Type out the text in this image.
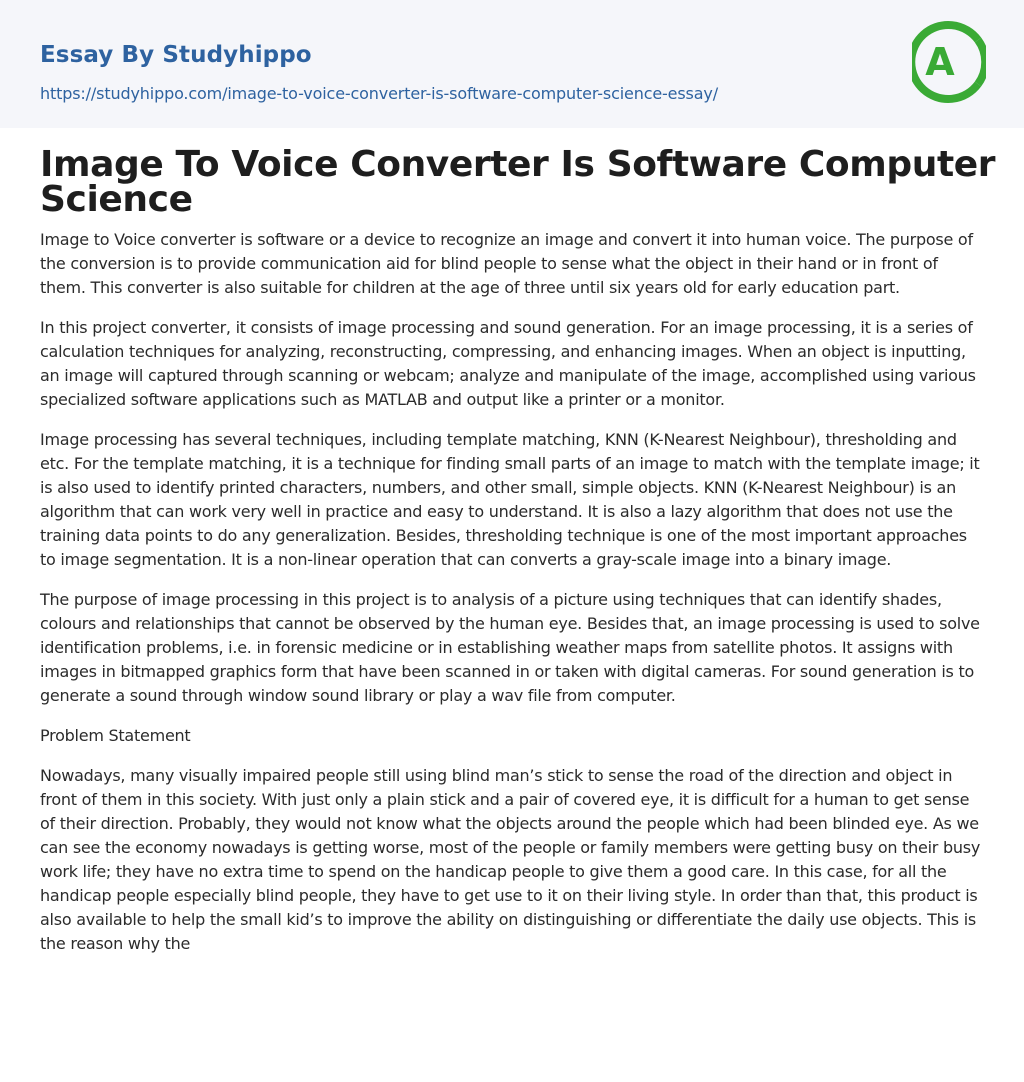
Essay By Studyhippo
https://studyhippo.com/image-to-voice-converter-is-software-computer-science-essay/
A
Image To Voice Converter Is Software Computer Science

Image to Voice converter is software or a device to recognize an image and convert it into human voice. The purpose of the conversion is to provide communication aid for blind people to sense what the object in their hand or in front of them. This converter is also suitable for children at the age of three until six years old for early education part.

In this project converter, it consists of image processing and sound generation. For an image processing, it is a series of calculation techniques for analyzing, reconstructing, compressing, and enhancing images. When an object is inputting, an image will captured through scanning or webcam; analyze and manipulate of the image, accomplished using various specialized software applications such as MATLAB and output like a printer or a monitor.

Image processing has several techniques, including template matching, KNN (K-Nearest Neighbour), thresholding and etc. For the template matching, it is a technique for finding small parts of an image to match with the template image; it is also used to identify printed characters, numbers, and other small, simple objects. KNN (K-Nearest Neighbour) is an algorithm that can work very well in practice and easy to understand. It is also a lazy algorithm that does not use the training data points to do any generalization. Besides, thresholding technique is one of the most important approaches to image segmentation. It is a non-linear operation that can converts a gray-scale image into a binary image.

The purpose of image processing in this project is to analysis of a picture using techniques that can identify shades, colours and relationships that cannot be observed by the human eye. Besides that, an image processing is used to solve identification problems, i.e. in forensic medicine or in establishing weather maps from satellite photos. It assigns with images in bitmapped graphics form that have been scanned in or taken with digital cameras. For sound generation is to generate a sound through window sound library or play a wav file from computer.

Problem Statement

Nowadays, many visually impaired people still using blind man’s stick to sense the road of the direction and object in front of them in this society. With just only a plain stick and a pair of covered eye, it is difficult for a human to get sense of their direction. Probably, they would not know what the objects around the people which had been blinded eye. As we can see the economy nowadays is getting worse, most of the people or family members were getting busy on their busy work life; they have no extra time to spend on the handicap people to give them a good care. In this case, for all the handicap people especially blind people, they have to get use to it on their living style. In order than that, this product is also available to help the small kid’s to improve the ability on distinguishing or differentiate the daily use objects. This is the reason why the
